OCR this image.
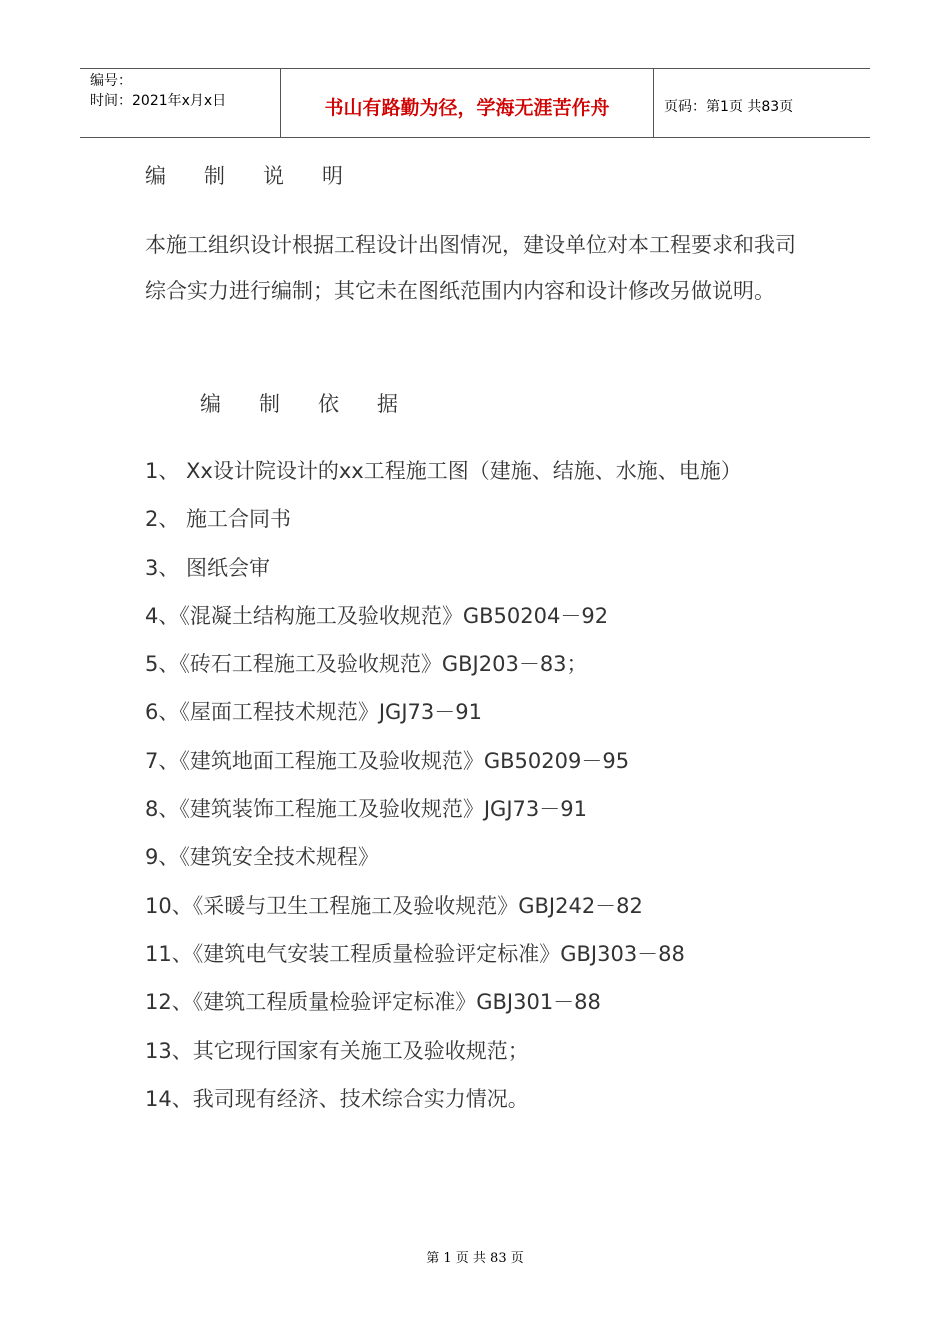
编号：
时间：2021年x月x日	书山有路勤为径，学海无涯苦作舟	页码：第1页 共83页
编制说明

本施工组织设计根据工程设计出图情况，建设单位对本工程要求和我司综合实力进行编制；其它未在图纸范围内内容和设计修改另做说明。

编制依据
1、 Xx设计院设计的xx工程施工图（建施、结施、水施、电施）
2、 施工合同书
3、 图纸会审
4、《混凝土结构施工及验收规范》GB50204－92
5、《砖石工程施工及验收规范》GBJ203－83；
6、《屋面工程技术规范》JGJ73－91
7、《建筑地面工程施工及验收规范》GB50209－95
8、《建筑装饰工程施工及验收规范》JGJ73－91
9、《建筑安全技术规程》
10、《采暖与卫生工程施工及验收规范》GBJ242－82
11、《建筑电气安装工程质量检验评定标准》GBJ303－88
12、《建筑工程质量检验评定标准》GBJ301－88
13、其它现行国家有关施工及验收规范；
14、我司现有经济、技术综合实力情况。
第 1 页 共 83 页
